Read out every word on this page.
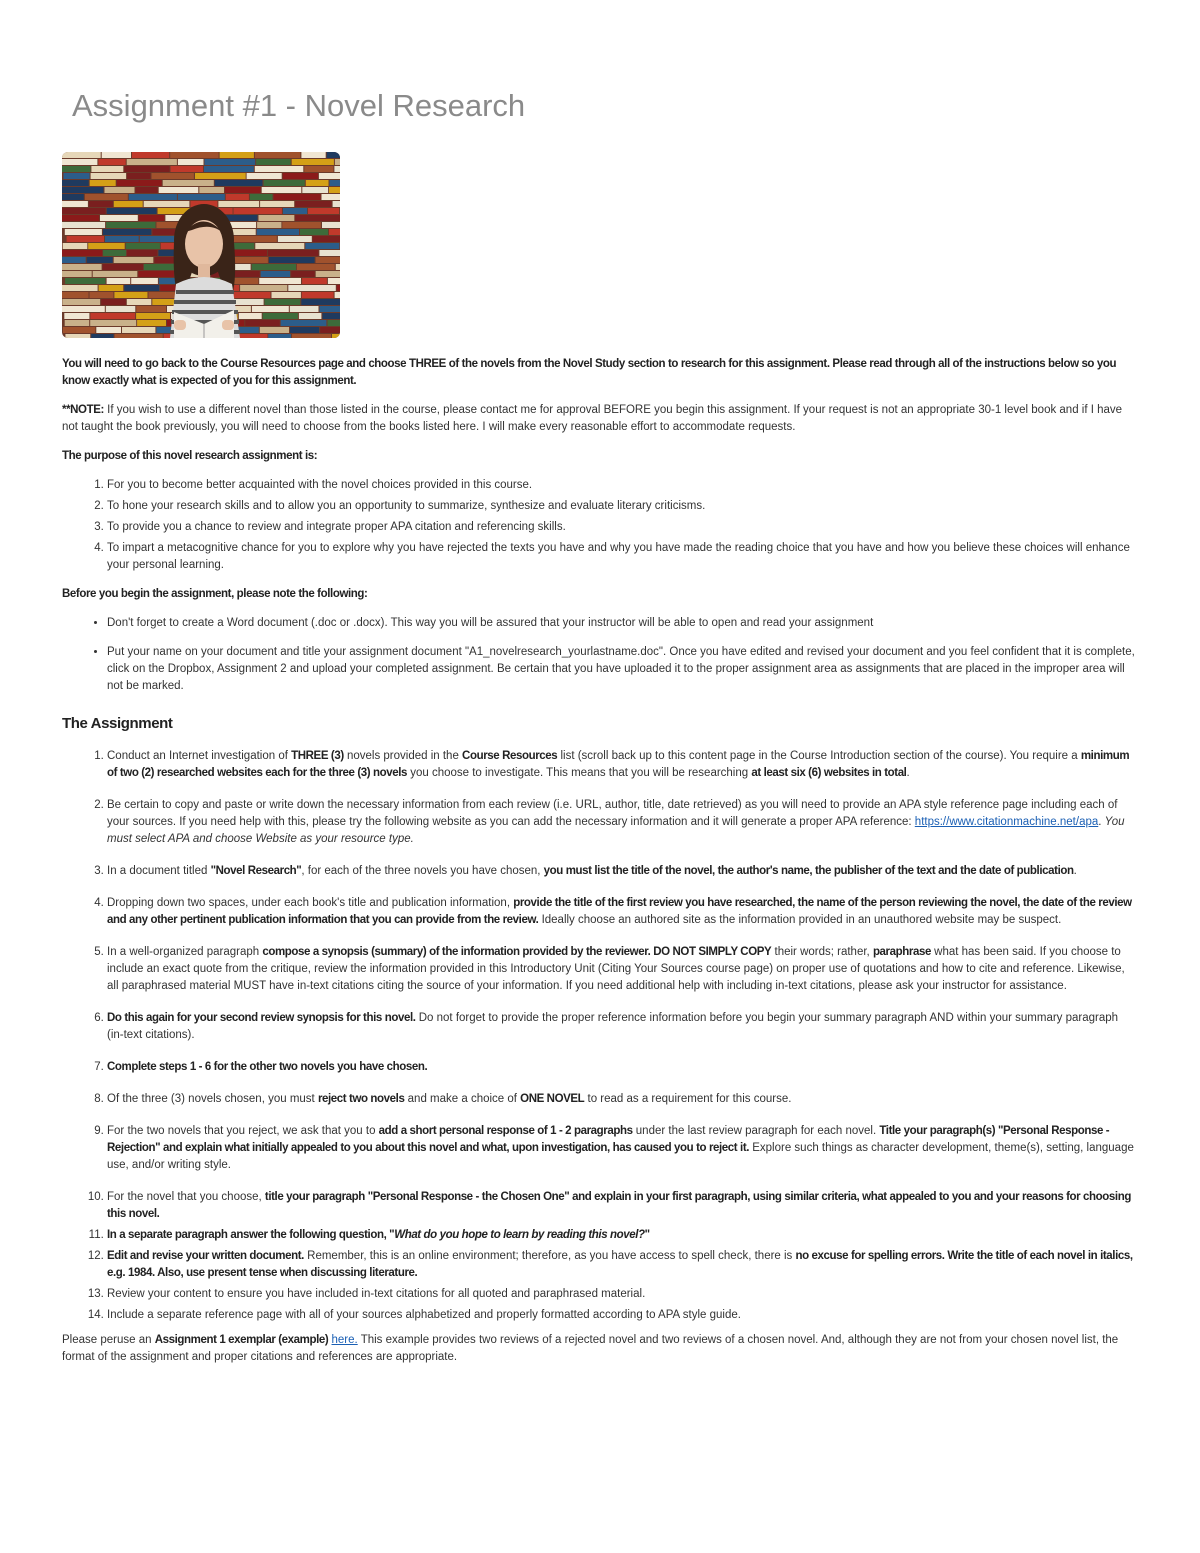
Assignment #1 - Novel Research

You will need to go back to the Course Resources page and choose THREE of the novels from the Novel Study section to research for this assignment. Please read through all of the instructions below so you know exactly what is expected of you for this assignment.

**NOTE: If you wish to use a different novel than those listed in the course, please contact me for approval BEFORE you begin this assignment. If your request is not an appropriate 30-1 level book and if I have not taught the book previously, you will need to choose from the books listed here. I will make every reasonable effort to accommodate requests.

The purpose of this novel research assignment is:

1. For you to become better acquainted with the novel choices provided in this course.
2. To hone your research skills and to allow you an opportunity to summarize, synthesize and evaluate literary criticisms.
3. To provide you a chance to review and integrate proper APA citation and referencing skills.
4. To impart a metacognitive chance for you to explore why you have rejected the texts you have and why you have made the reading choice that you have and how you believe these choices will enhance your personal learning.

Before you begin the assignment, please note the following:

• Don't forget to create a Word document (.doc or .docx). This way you will be assured that your instructor will be able to open and read your assignment
• Put your name on your document and title your assignment document "A1_novelresearch_yourlastname.doc". Once you have edited and revised your document and you feel confident that it is complete, click on the Dropbox, Assignment 2 and upload your completed assignment. Be certain that you have uploaded it to the proper assignment area as assignments that are placed in the improper area will not be marked.
The Assignment
1. Conduct an Internet investigation of THREE (3) novels provided in the Course Resources list (scroll back up to this content page in the Course Introduction section of the course). You require a minimum of two (2) researched websites each for the three (3) novels you choose to investigate. This means that you will be researching at least six (6) websites in total.
2. Be certain to copy and paste or write down the necessary information from each review (i.e. URL, author, title, date retrieved) as you will need to provide an APA style reference page including each of your sources. If you need help with this, please try the following website as you can add the necessary information and it will generate a proper APA reference: https://www.citationmachine.net/apa. You must select APA and choose Website as your resource type.
3. In a document titled "Novel Research", for each of the three novels you have chosen, you must list the title of the novel, the author's name, the publisher of the text and the date of publication.
4. Dropping down two spaces, under each book's title and publication information, provide the title of the first review you have researched, the name of the person reviewing the novel, the date of the review and any other pertinent publication information that you can provide from the review. Ideally choose an authored site as the information provided in an unauthored website may be suspect.
5. In a well-organized paragraph compose a synopsis (summary) of the information provided by the reviewer. DO NOT SIMPLY COPY their words; rather, paraphrase what has been said. If you choose to include an exact quote from the critique, review the information provided in this Introductory Unit (Citing Your Sources course page) on proper use of quotations and how to cite and reference. Likewise, all paraphrased material MUST have in-text citations citing the source of your information. If you need additional help with including in-text citations, please ask your instructor for assistance.
6. Do this again for your second review synopsis for this novel. Do not forget to provide the proper reference information before you begin your summary paragraph AND within your summary paragraph (in-text citations).
7. Complete steps 1 - 6 for the other two novels you have chosen.
8. Of the three (3) novels chosen, you must reject two novels and make a choice of ONE NOVEL to read as a requirement for this course.
9. For the two novels that you reject, we ask that you to add a short personal response of 1 - 2 paragraphs under the last review paragraph for each novel. Title your paragraph(s) "Personal Response - Rejection" and explain what initially appealed to you about this novel and what, upon investigation, has caused you to reject it. Explore such things as character development, theme(s), setting, language use, and/or writing style.
10. For the novel that you choose, title your paragraph "Personal Response - the Chosen One" and explain in your first paragraph, using similar criteria, what appealed to you and your reasons for choosing this novel.
11. In a separate paragraph answer the following question, "What do you hope to learn by reading this novel?"
12. Edit and revise your written document. Remember, this is an online environment; therefore, as you have access to spell check, there is no excuse for spelling errors. Write the title of each novel in italics, e.g. 1984. Also, use present tense when discussing literature.
13. Review your content to ensure you have included in-text citations for all quoted and paraphrased material.
14. Include a separate reference page with all of your sources alphabetized and properly formatted according to APA style guide.

Please peruse an Assignment 1 exemplar (example) here. This example provides two reviews of a rejected novel and two reviews of a chosen novel. And, although they are not from your chosen novel list, the format of the assignment and proper citations and references are appropriate.
